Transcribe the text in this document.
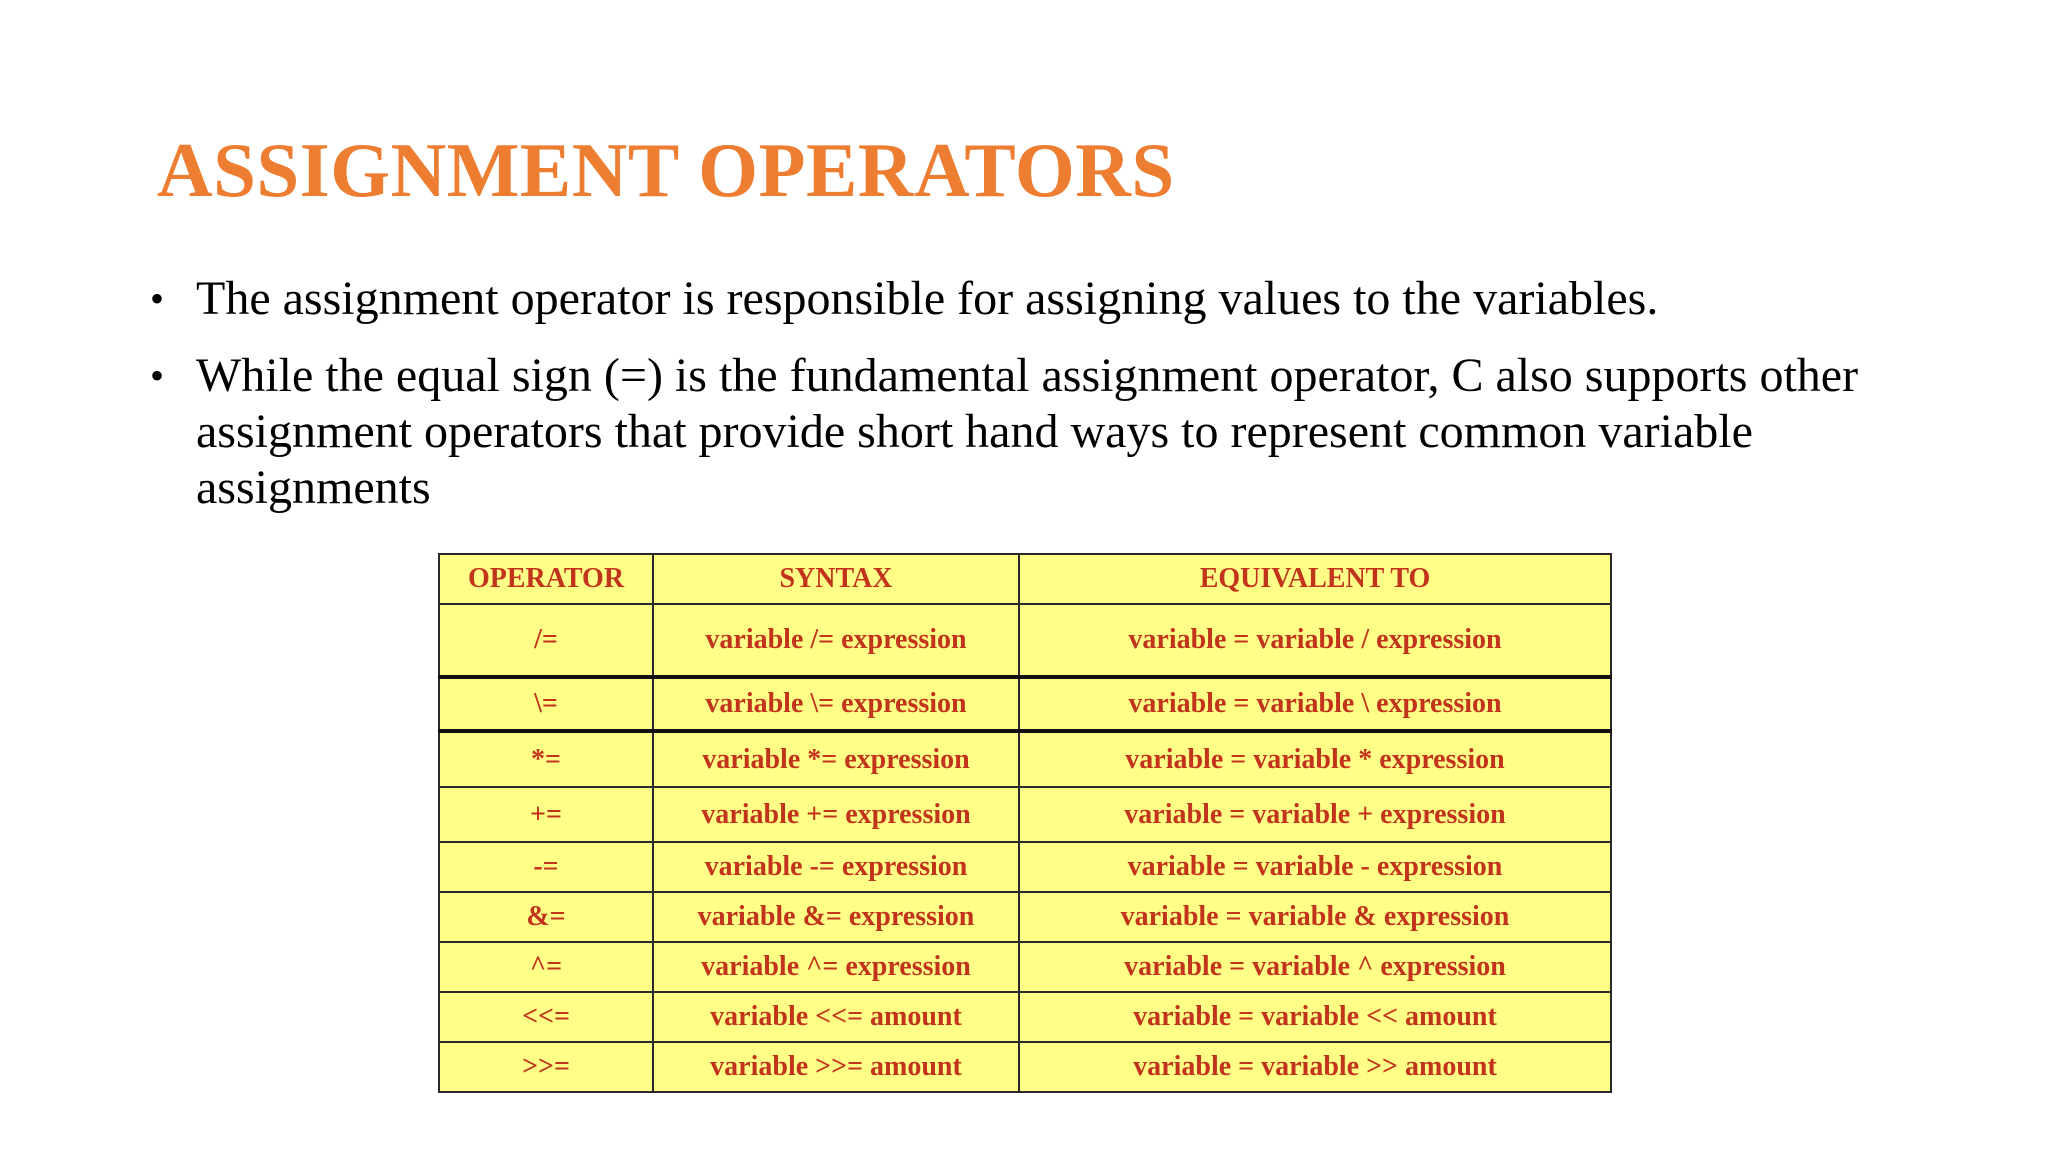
ASSIGNMENT OPERATORS
• The assignment operator is responsible for assigning values to the variables.
• While the equal sign (=) is the fundamental assignment operator, C also supports other assignment operators that provide short hand ways to represent common variable assignments
OPERATOR	SYNTAX	EQUIVALENT TO
/=	variable /= expression	variable = variable / expression
\=	variable \= expression	variable = variable \ expression
*=	variable *= expression	variable = variable * expression
+=	variable += expression	variable = variable + expression
-=	variable -= expression	variable = variable - expression
&=	variable &= expression	variable = variable & expression
^=	variable ^= expression	variable = variable ^ expression
<<=	variable <<= amount	variable = variable << amount
>>=	variable >>= amount	variable = variable >> amount
